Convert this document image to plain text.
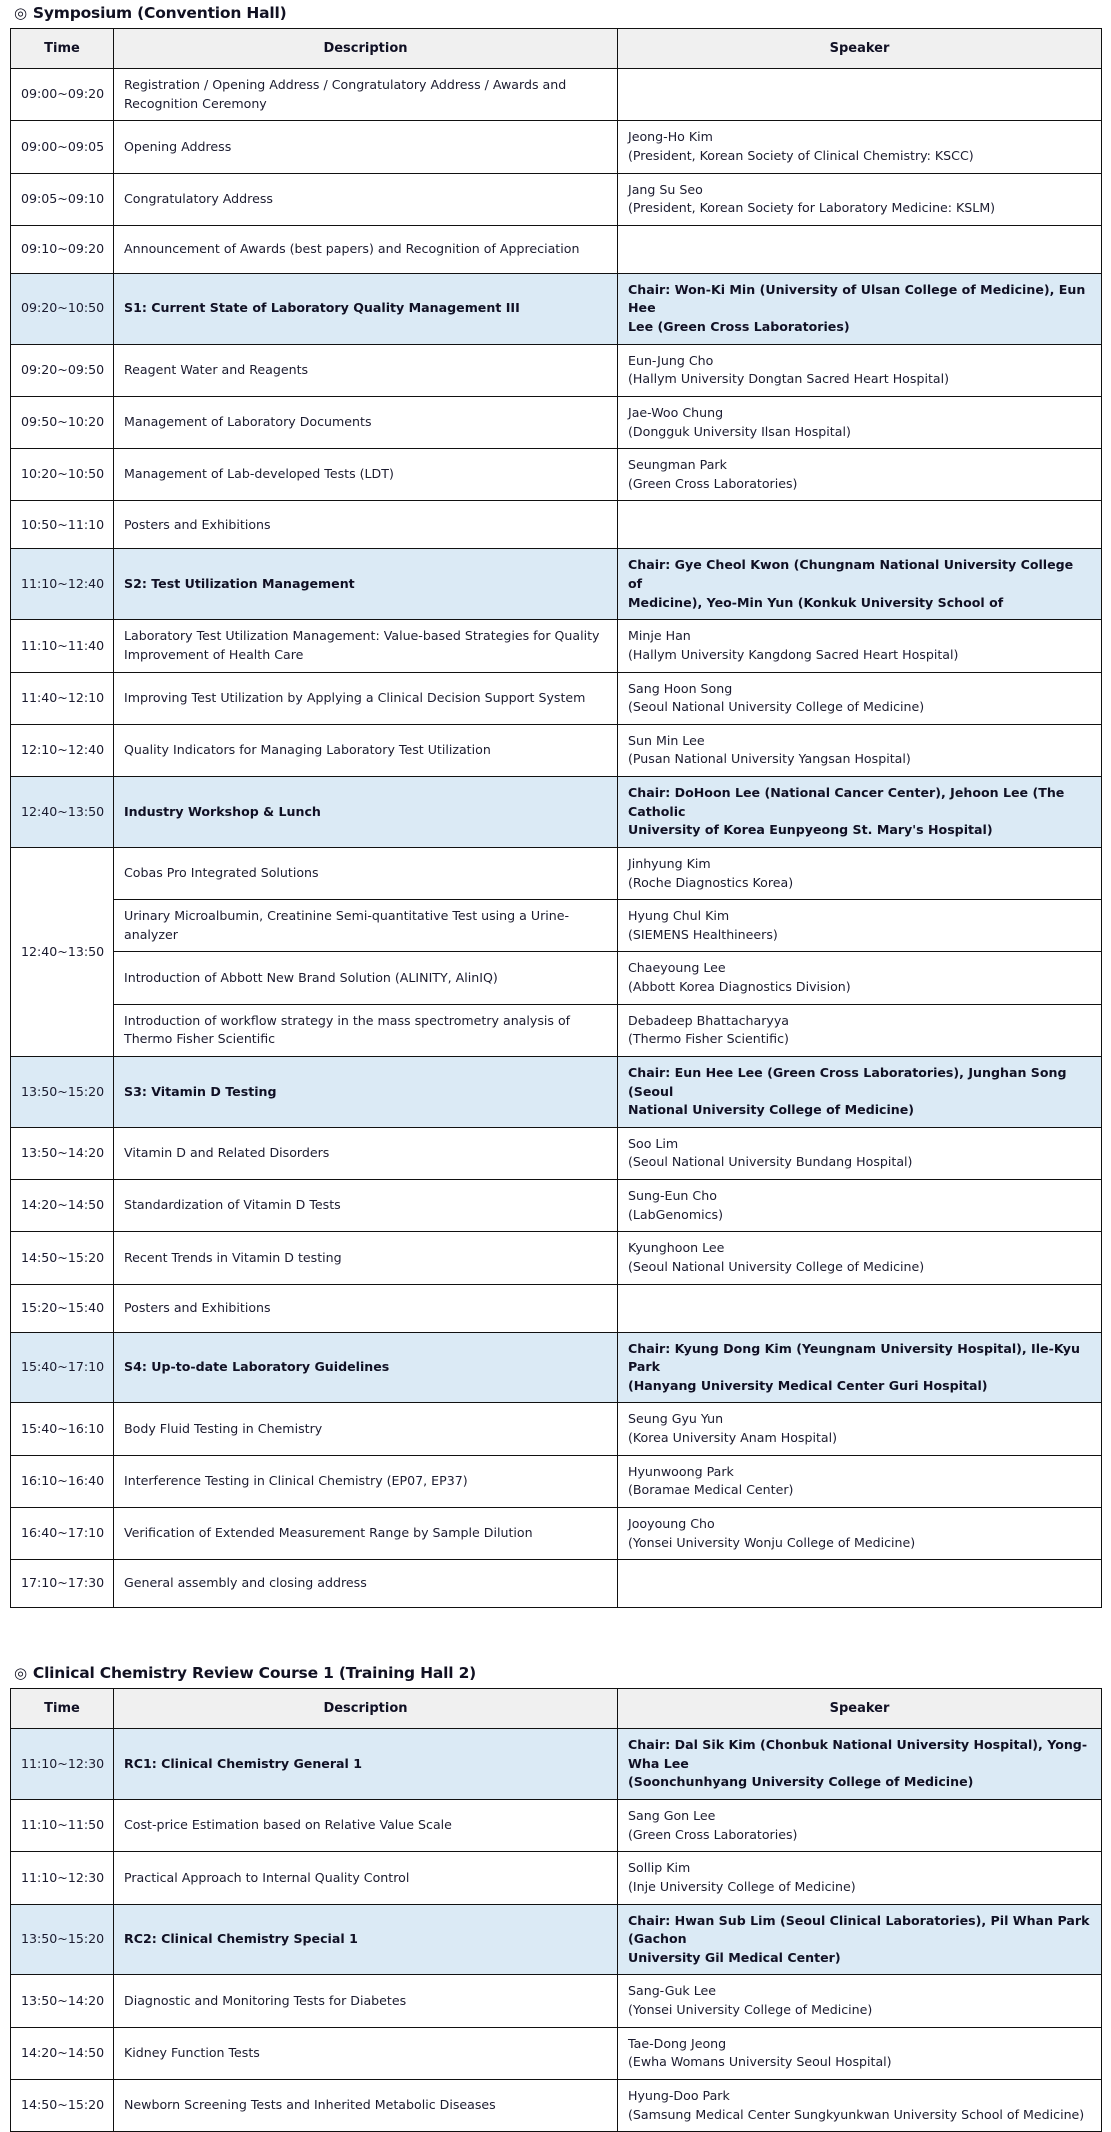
◎ Symposium (Convention Hall)
Time	Description	Speaker
09:00~09:20	Registration / Opening Address / Congratulatory Address / Awards and Recognition Ceremony	
09:00~09:05	Opening Address	Jeong-Ho Kim
(President, Korean Society of Clinical Chemistry: KSCC)

09:05~09:10	Congratulatory Address	Jang Su Seo
(President, Korean Society for Laboratory Medicine: KSLM)

09:10~09:20	Announcement of Awards (best papers) and Recognition of Appreciation	
09:20~10:50	S1: Current State of Laboratory Quality Management III	Chair: Won-Ki Min (University of Ulsan College of Medicine), Eun Hee
Lee (Green Cross Laboratories)

09:20~09:50	Reagent Water and Reagents	Eun-Jung Cho
(Hallym University Dongtan Sacred Heart Hospital)

09:50~10:20	Management of Laboratory Documents	Jae-Woo Chung
(Dongguk University Ilsan Hospital)

10:20~10:50	Management of Lab-developed Tests (LDT)	Seungman Park
(Green Cross Laboratories)

10:50~11:10	Posters and Exhibitions	
11:10~12:40	S2: Test Utilization Management	Chair: Gye Cheol Kwon (Chungnam National University College of
Medicine), Yeo-Min Yun (Konkuk University School of

11:10~11:40	Laboratory Test Utilization Management: Value-based Strategies for Quality Improvement of Health Care	Minje Han
(Hallym University Kangdong Sacred Heart Hospital)

11:40~12:10	Improving Test Utilization by Applying a Clinical Decision Support System	Sang Hoon Song
(Seoul National University College of Medicine)

12:10~12:40	Quality Indicators for Managing Laboratory Test Utilization	Sun Min Lee
(Pusan National University Yangsan Hospital)

12:40~13:50	Industry Workshop & Lunch	Chair: DoHoon Lee (National Cancer Center), Jehoon Lee (The Catholic
University of Korea Eunpyeong St. Mary's Hospital)

12:40~13:50	Cobas Pro Integrated Solutions	Jinhyung Kim
(Roche Diagnostics Korea)

	Urinary Microalbumin, Creatinine Semi-quantitative Test using a Urine-analyzer	Hyung Chul Kim
(SIEMENS Healthineers)

	Introduction of Abbott New Brand Solution (ALINITY, AlinIQ)	Chaeyoung Lee
(Abbott Korea Diagnostics Division)

	Introduction of workflow strategy in the mass spectrometry analysis of Thermo Fisher Scientific	Debadeep Bhattacharyya
(Thermo Fisher Scientific)

13:50~15:20	S3: Vitamin D Testing	Chair: Eun Hee Lee (Green Cross Laboratories), Junghan Song (Seoul
National University College of Medicine)

13:50~14:20	Vitamin D and Related Disorders	Soo Lim
(Seoul National University Bundang Hospital)

14:20~14:50	Standardization of Vitamin D Tests	Sung-Eun Cho
(LabGenomics)

14:50~15:20	Recent Trends in Vitamin D testing	Kyunghoon Lee
(Seoul National University College of Medicine)

15:20~15:40	Posters and Exhibitions	
15:40~17:10	S4: Up-to-date Laboratory Guidelines	Chair: Kyung Dong Kim (Yeungnam University Hospital), Ile-Kyu Park
(Hanyang University Medical Center Guri Hospital)

15:40~16:10	Body Fluid Testing in Chemistry	Seung Gyu Yun
(Korea University Anam Hospital)

16:10~16:40	Interference Testing in Clinical Chemistry (EP07, EP37)	Hyunwoong Park
(Boramae Medical Center)

16:40~17:10	Verification of Extended Measurement Range by Sample Dilution	Jooyoung Cho
(Yonsei University Wonju College of Medicine)

17:10~17:30	General assembly and closing address	
◎ Clinical Chemistry Review Course 1 (Training Hall 2)
Time	Description	Speaker
11:10~12:30	RC1: Clinical Chemistry General 1	Chair: Dal Sik Kim (Chonbuk National University Hospital), Yong-Wha Lee
(Soonchunhyang University College of Medicine)

11:10~11:50	Cost-price Estimation based on Relative Value Scale	Sang Gon Lee
(Green Cross Laboratories)

11:10~12:30	Practical Approach to Internal Quality Control	Sollip Kim
(Inje University College of Medicine)

13:50~15:20	RC2: Clinical Chemistry Special 1	Chair: Hwan Sub Lim (Seoul Clinical Laboratories), Pil Whan Park (Gachon
University Gil Medical Center)

13:50~14:20	Diagnostic and Monitoring Tests for Diabetes	Sang-Guk Lee
(Yonsei University College of Medicine)

14:20~14:50	Kidney Function Tests	Tae-Dong Jeong
(Ewha Womans University Seoul Hospital)

14:50~15:20	Newborn Screening Tests and Inherited Metabolic Diseases	Hyung-Doo Park
(Samsung Medical Center Sungkyunkwan University School of Medicine)
